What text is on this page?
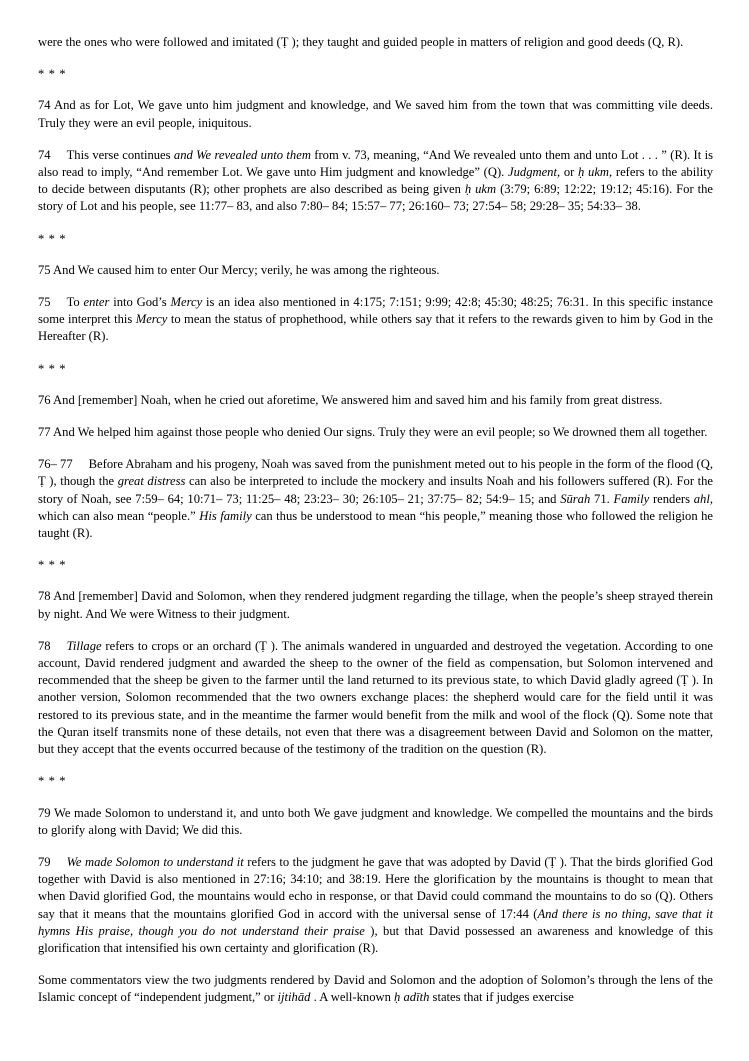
were the ones who were followed and imitated (Ṭ ); they taught and guided people in matters of religion and good deeds (Q, R).

* * *

74 And as for Lot, We gave unto him judgment and knowledge, and We saved him from the town that was committing vile deeds. Truly they were an evil people, iniquitous.

74 This verse continues and We revealed unto them from v. 73, meaning, “And We revealed unto them and unto Lot . . . ” (R). It is also read to imply, “And remember Lot. We gave unto Him judgment and knowledge” (Q). Judgment, or ḥ ukm, refers to the ability to decide between disputants (R); other prophets are also described as being given ḥ ukm (3:79; 6:89; 12:22; 19:12; 45:16). For the story of Lot and his people, see 11:77– 83, and also 7:80– 84; 15:57– 77; 26:160– 73; 27:54– 58; 29:28– 35; 54:33– 38.

* * *

75 And We caused him to enter Our Mercy; verily, he was among the righteous.

75 To enter into God’s Mercy is an idea also mentioned in 4:175; 7:151; 9:99; 42:8; 45:30; 48:25; 76:31. In this specific instance some interpret this Mercy to mean the status of prophethood, while others say that it refers to the rewards given to him by God in the Hereafter (R).

* * *

76 And [remember] Noah, when he cried out aforetime, We answered him and saved him and his family from great distress.

77 And We helped him against those people who denied Our signs. Truly they were an evil people; so We drowned them all together.

76– 77 Before Abraham and his progeny, Noah was saved from the punishment meted out to his people in the form of the flood (Q, Ṭ ), though the great distress can also be interpreted to include the mockery and insults Noah and his followers suffered (R). For the story of Noah, see 7:59– 64; 10:71– 73; 11:25– 48; 23:23– 30; 26:105– 21; 37:75– 82; 54:9– 15; and Sūrah 71. Family renders ahl, which can also mean “people.” His family can thus be understood to mean “his people,” meaning those who followed the religion he taught (R).

* * *

78 And [remember] David and Solomon, when they rendered judgment regarding the tillage, when the people’s sheep strayed therein by night. And We were Witness to their judgment.

78 Tillage refers to crops or an orchard (Ṭ ). The animals wandered in unguarded and destroyed the vegetation. According to one account, David rendered judgment and awarded the sheep to the owner of the field as compensation, but Solomon intervened and recommended that the sheep be given to the farmer until the land returned to its previous state, to which David gladly agreed (Ṭ ). In another version, Solomon recommended that the two owners exchange places: the shepherd would care for the field until it was restored to its previous state, and in the meantime the farmer would benefit from the milk and wool of the flock (Q). Some note that the Quran itself transmits none of these details, not even that there was a disagreement between David and Solomon on the matter, but they accept that the events occurred because of the testimony of the tradition on the question (R).

* * *

79 We made Solomon to understand it, and unto both We gave judgment and knowledge. We compelled the mountains and the birds to glorify along with David; We did this.

79 We made Solomon to understand it refers to the judgment he gave that was adopted by David (Ṭ ). That the birds glorified God together with David is also mentioned in 27:16; 34:10; and 38:19. Here the glorification by the mountains is thought to mean that when David glorified God, the mountains would echo in response, or that David could command the mountains to do so (Q). Others say that it means that the mountains glorified God in accord with the universal sense of 17:44 (And there is no thing, save that it hymns His praise, though you do not understand their praise ), but that David possessed an awareness and knowledge of this glorification that intensified his own certainty and glorification (R).

Some commentators view the two judgments rendered by David and Solomon and the adoption of Solomon’s through the lens of the Islamic concept of “independent judgment,” or ijtihād . A well-known ḥ adīth states that if judges exercise
